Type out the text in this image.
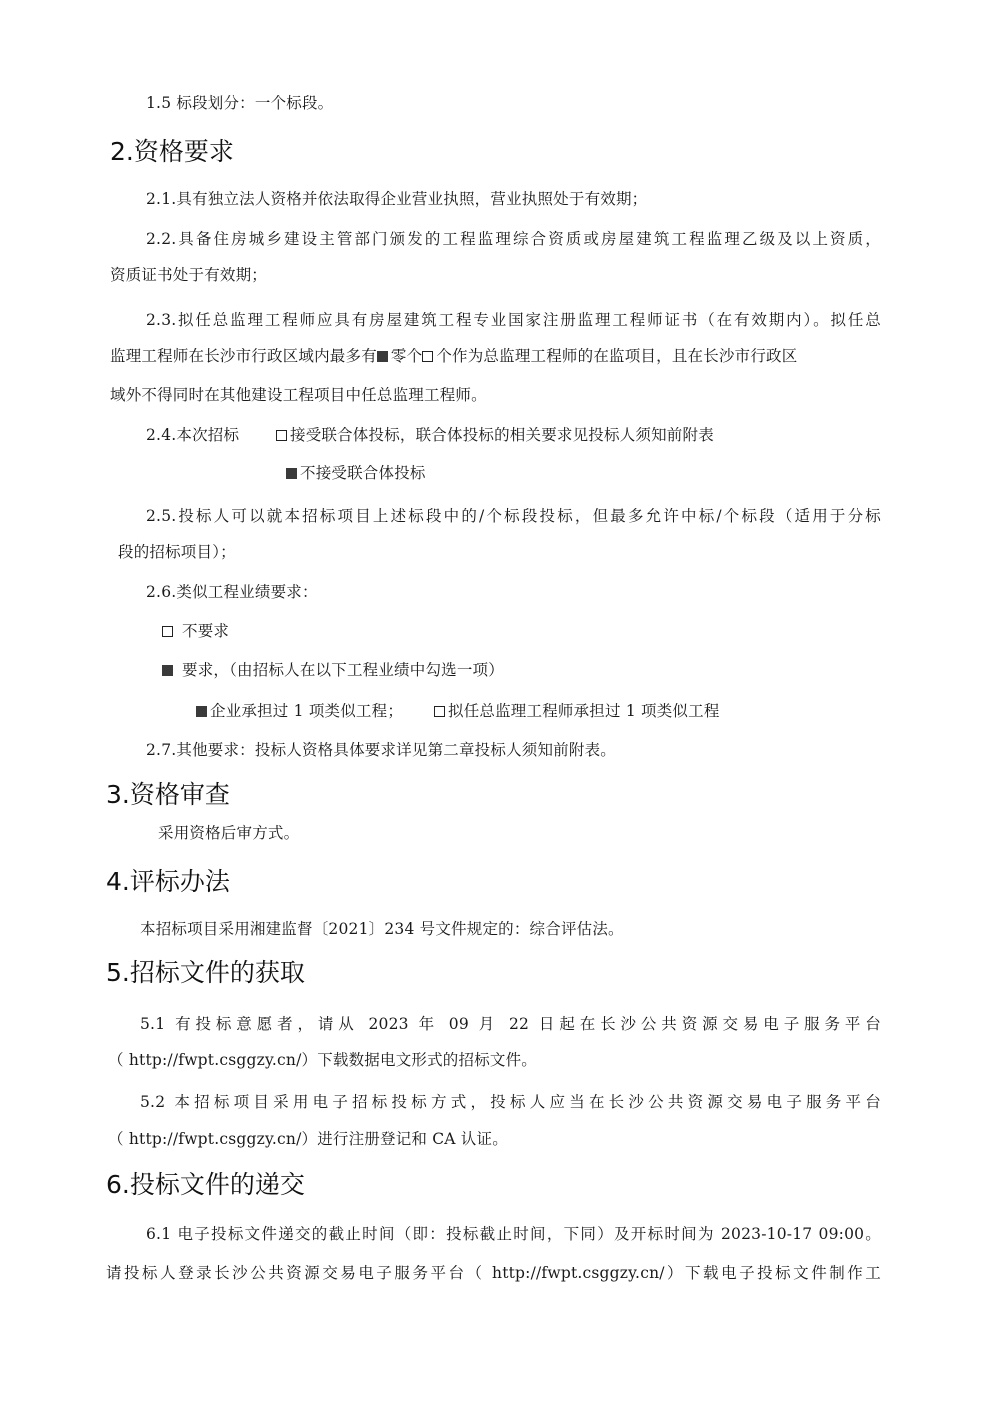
1.5 标段划分：一个标段。
2.资格要求
2.1.具有独立法人资格并依法取得企业营业执照，营业执照处于有效期；
2.2.具备住房城乡建设主管部门颁发的工程监理综合资质或房屋建筑工程监理乙级及以上资质，
资质证书处于有效期；
2.3.拟任总监理工程师应具有房屋建筑工程专业国家注册监理工程师证书（在有效期内）。拟任总
监理工程师在长沙市行政区域内最多有 零个 个作为总监理工程师的在监项目，且在长沙市行政区
域外不得同时在其他建设工程项目中任总监理工程师。
2.4.本次招标	接受联合体投标，联合体投标的相关要求见投标人须知前附表
不接受联合体投标
2.5.投标人可以就本招标项目上述标段中的/个标段投标，但最多允许中标/个标段（适用于分标
段的招标项目）；
2.6.类似工程业绩要求：
不要求
要求，（由招标人在以下工程业绩中勾选一项）
企业承担过 1 项类似工程；	拟任总监理工程师承担过 1 项类似工程
2.7.其他要求：投标人资格具体要求详见第二章投标人须知前附表。
3.资格审查
采用资格后审方式。
4.评标办法
本招标项目采用湘建监督〔2021〕234 号文件规定的：综合评估法。
5.招标文件的获取
5.1 有投标意愿者，请从 2023 年 09 月 22 日起在长沙公共资源交易电子服务平台
（ http://fwpt.csggzy.cn/）下载数据电文形式的招标文件。
5.2 本招标项目采用电子招标投标方式，投标人应当在长沙公共资源交易电子服务平台
（ http://fwpt.csggzy.cn/）进行注册登记和 CA 认证。
6.投标文件的递交
6.1 电子投标文件递交的截止时间（即：投标截止时间，下同）及开标时间为 2023-10-17 09:00。
请投标人登录长沙公共资源交易电子服务平台（ http://fwpt.csggzy.cn/）下载电子投标文件制作工
